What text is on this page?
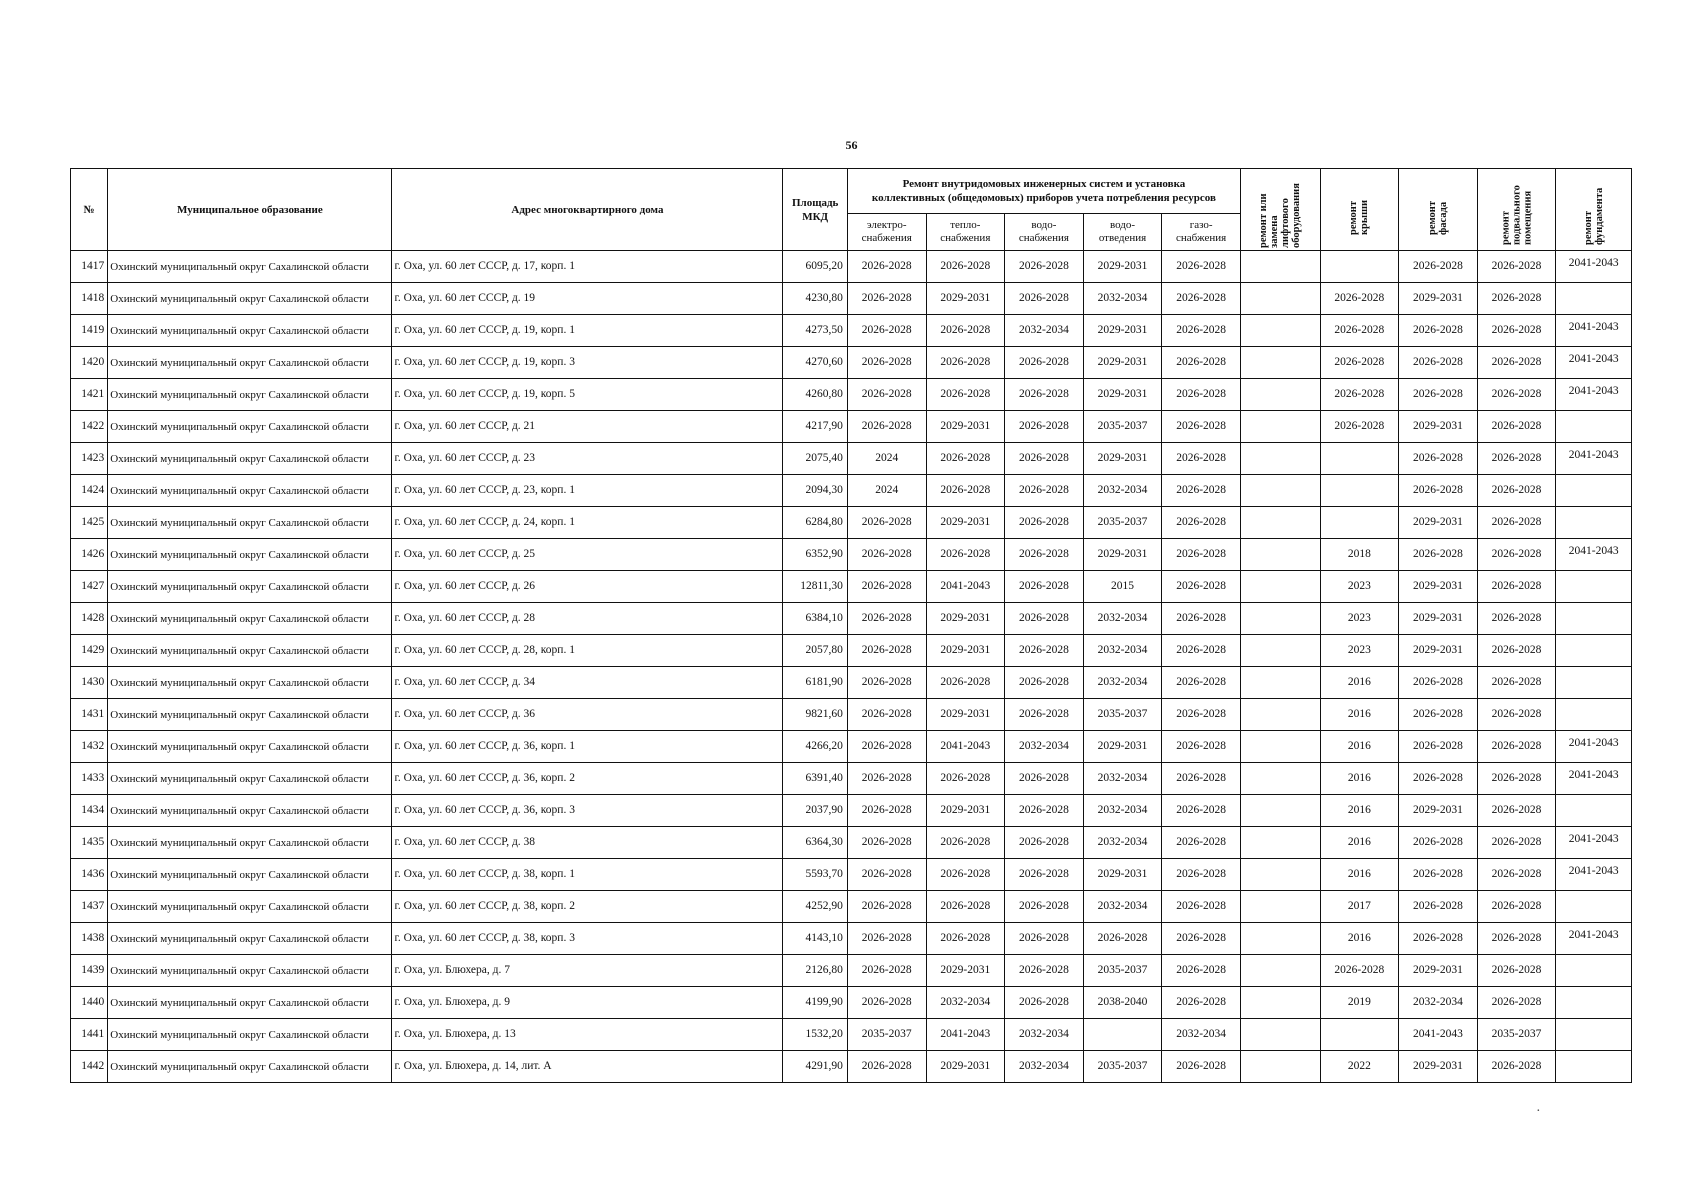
56
№	Муниципальное образование	Адрес многоквартирного дома	Площадь МКД	Ремонт внутридомовых инженерных систем и установка коллективных (общедомовых) приборов учета потребления ресурсов					ремонт или замена лифтового оборудования	ремонт крыши	ремонт фасада	ремонт подвального помещения	ремонт фундамента

				электро-снабжения	тепло-снабжения	водо-снабжения	водо-отведения	газо-снабжения					
1417	Охинский муниципальный округ Сахалинской области	г. Оха, ул. 60 лет СССР, д. 17, корп. 1	6095,20	2026-2028	2026-2028	2026-2028	2029-2031	2026-2028			2026-2028	2026-2028	2041-2043
1418	Охинский муниципальный округ Сахалинской области	г. Оха, ул. 60 лет СССР, д. 19	4230,80	2026-2028	2029-2031	2026-2028	2032-2034	2026-2028		2026-2028	2029-2031	2026-2028	
1419	Охинский муниципальный округ Сахалинской области	г. Оха, ул. 60 лет СССР, д. 19, корп. 1	4273,50	2026-2028	2026-2028	2032-2034	2029-2031	2026-2028		2026-2028	2026-2028	2026-2028	2041-2043
1420	Охинский муниципальный округ Сахалинской области	г. Оха, ул. 60 лет СССР, д. 19, корп. 3	4270,60	2026-2028	2026-2028	2026-2028	2029-2031	2026-2028		2026-2028	2026-2028	2026-2028	2041-2043
1421	Охинский муниципальный округ Сахалинской области	г. Оха, ул. 60 лет СССР, д. 19, корп. 5	4260,80	2026-2028	2026-2028	2026-2028	2029-2031	2026-2028		2026-2028	2026-2028	2026-2028	2041-2043
1422	Охинский муниципальный округ Сахалинской области	г. Оха, ул. 60 лет СССР, д. 21	4217,90	2026-2028	2029-2031	2026-2028	2035-2037	2026-2028		2026-2028	2029-2031	2026-2028	
1423	Охинский муниципальный округ Сахалинской области	г. Оха, ул. 60 лет СССР, д. 23	2075,40	2024	2026-2028	2026-2028	2029-2031	2026-2028			2026-2028	2026-2028	2041-2043
1424	Охинский муниципальный округ Сахалинской области	г. Оха, ул. 60 лет СССР, д. 23, корп. 1	2094,30	2024	2026-2028	2026-2028	2032-2034	2026-2028			2026-2028	2026-2028	
1425	Охинский муниципальный округ Сахалинской области	г. Оха, ул. 60 лет СССР, д. 24, корп. 1	6284,80	2026-2028	2029-2031	2026-2028	2035-2037	2026-2028			2029-2031	2026-2028	
1426	Охинский муниципальный округ Сахалинской области	г. Оха, ул. 60 лет СССР, д. 25	6352,90	2026-2028	2026-2028	2026-2028	2029-2031	2026-2028		2018	2026-2028	2026-2028	2041-2043
1427	Охинский муниципальный округ Сахалинской области	г. Оха, ул. 60 лет СССР, д. 26	12811,30	2026-2028	2041-2043	2026-2028	2015	2026-2028		2023	2029-2031	2026-2028	
1428	Охинский муниципальный округ Сахалинской области	г. Оха, ул. 60 лет СССР, д. 28	6384,10	2026-2028	2029-2031	2026-2028	2032-2034	2026-2028		2023	2029-2031	2026-2028	
1429	Охинский муниципальный округ Сахалинской области	г. Оха, ул. 60 лет СССР, д. 28, корп. 1	2057,80	2026-2028	2029-2031	2026-2028	2032-2034	2026-2028		2023	2029-2031	2026-2028	
1430	Охинский муниципальный округ Сахалинской области	г. Оха, ул. 60 лет СССР, д. 34	6181,90	2026-2028	2026-2028	2026-2028	2032-2034	2026-2028		2016	2026-2028	2026-2028	
1431	Охинский муниципальный округ Сахалинской области	г. Оха, ул. 60 лет СССР, д. 36	9821,60	2026-2028	2029-2031	2026-2028	2035-2037	2026-2028		2016	2026-2028	2026-2028	
1432	Охинский муниципальный округ Сахалинской области	г. Оха, ул. 60 лет СССР, д. 36, корп. 1	4266,20	2026-2028	2041-2043	2032-2034	2029-2031	2026-2028		2016	2026-2028	2026-2028	2041-2043
1433	Охинский муниципальный округ Сахалинской области	г. Оха, ул. 60 лет СССР, д. 36, корп. 2	6391,40	2026-2028	2026-2028	2026-2028	2032-2034	2026-2028		2016	2026-2028	2026-2028	2041-2043
1434	Охинский муниципальный округ Сахалинской области	г. Оха, ул. 60 лет СССР, д. 36, корп. 3	2037,90	2026-2028	2029-2031	2026-2028	2032-2034	2026-2028		2016	2029-2031	2026-2028	
1435	Охинский муниципальный округ Сахалинской области	г. Оха, ул. 60 лет СССР, д. 38	6364,30	2026-2028	2026-2028	2026-2028	2032-2034	2026-2028		2016	2026-2028	2026-2028	2041-2043
1436	Охинский муниципальный округ Сахалинской области	г. Оха, ул. 60 лет СССР, д. 38, корп. 1	5593,70	2026-2028	2026-2028	2026-2028	2029-2031	2026-2028		2016	2026-2028	2026-2028	2041-2043
1437	Охинский муниципальный округ Сахалинской области	г. Оха, ул. 60 лет СССР, д. 38, корп. 2	4252,90	2026-2028	2026-2028	2026-2028	2032-2034	2026-2028		2017	2026-2028	2026-2028	
1438	Охинский муниципальный округ Сахалинской области	г. Оха, ул. 60 лет СССР, д. 38, корп. 3	4143,10	2026-2028	2026-2028	2026-2028	2026-2028	2026-2028		2016	2026-2028	2026-2028	2041-2043
1439	Охинский муниципальный округ Сахалинской области	г. Оха, ул. Блюхера, д. 7	2126,80	2026-2028	2029-2031	2026-2028	2035-2037	2026-2028		2026-2028	2029-2031	2026-2028	
1440	Охинский муниципальный округ Сахалинской области	г. Оха, ул. Блюхера, д. 9	4199,90	2026-2028	2032-2034	2026-2028	2038-2040	2026-2028		2019	2032-2034	2026-2028	
1441	Охинский муниципальный округ Сахалинской области	г. Оха, ул. Блюхера, д. 13	1532,20	2035-2037	2041-2043	2032-2034		2032-2034			2041-2043	2035-2037	
1442	Охинский муниципальный округ Сахалинской области	г. Оха, ул. Блюхера, д. 14, лит. А	4291,90	2026-2028	2029-2031	2032-2034	2035-2037	2026-2028		2022	2029-2031	2026-2028	
·
